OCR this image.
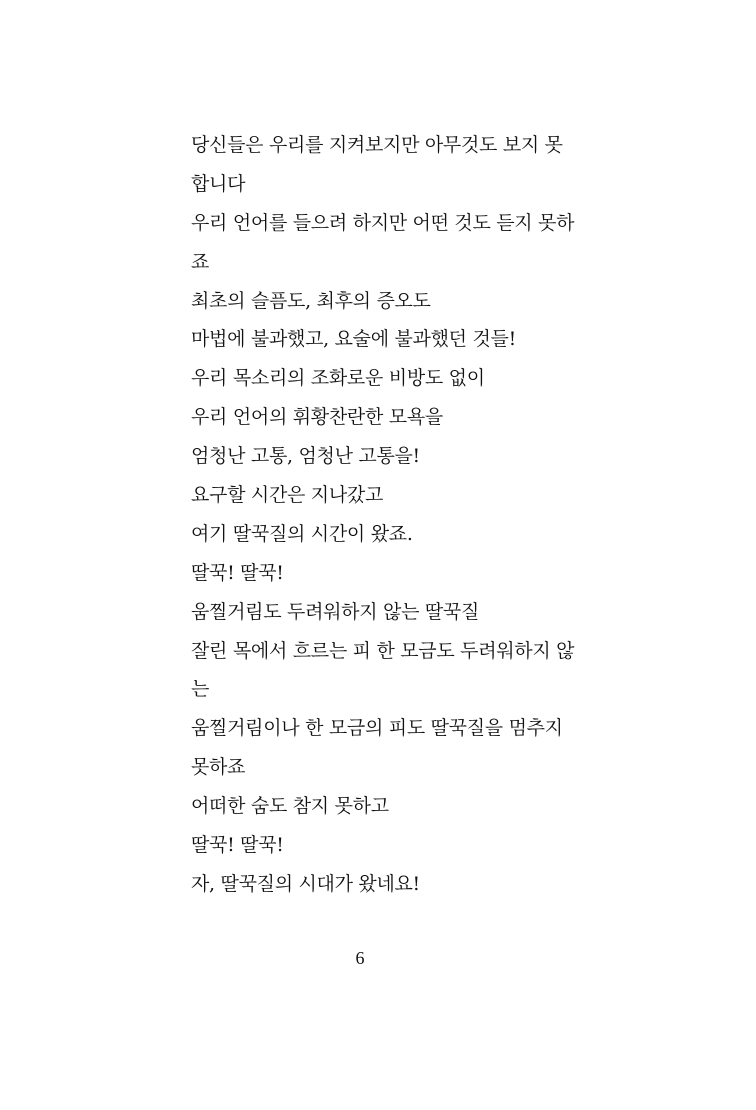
당신들은 우리를 지켜보지만 아무것도 보지 못
합니다
우리 언어를 들으려 하지만 어떤 것도 듣지 못하
죠
최초의 슬픔도, 최후의 증오도
마법에 불과했고, 요술에 불과했던 것들!
우리 목소리의 조화로운 비방도 없이
우리 언어의 휘황찬란한 모욕을
엄청난 고통, 엄청난 고통을!
요구할 시간은 지나갔고
여기 딸꾹질의 시간이 왔죠.
딸꾹! 딸꾹!
움찔거림도 두려워하지 않는 딸꾹질
잘린 목에서 흐르는 피 한 모금도 두려워하지 않
는
움찔거림이나 한 모금의 피도 딸꾹질을 멈추지
못하죠
어떠한 숨도 참지 못하고
딸꾹! 딸꾹!
자, 딸꾹질의 시대가 왔네요!
6
